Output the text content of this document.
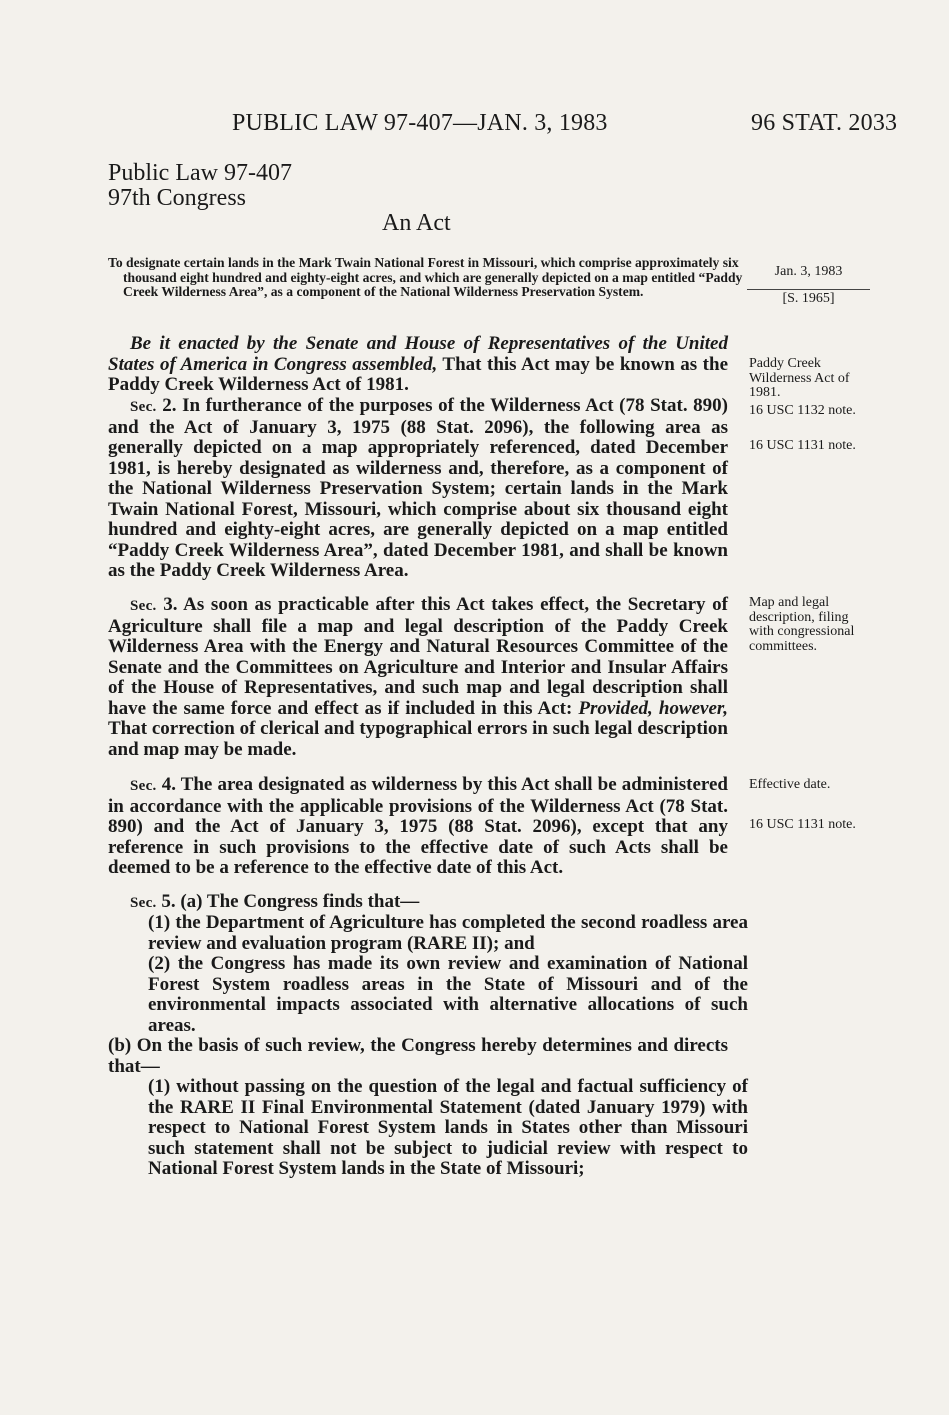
PUBLIC LAW 97-407—JAN. 3, 1983	96 STAT. 2033
Public Law 97-407
97th Congress
An Act
To designate certain lands in the Mark Twain National Forest in Missouri, which comprise approximately six thousand eight hundred and eighty-eight acres, and which are generally depicted on a map entitled “Paddy Creek Wilderness Area”, as a component of the National Wilderness Preservation System.
Jan. 3, 1983
[S. 1965]
Paddy Creek Wilderness Act of 1981.
16 USC 1132 note.
16 USC 1131 note.
Map and legal description, filing with congressional committees.
Effective date.
16 USC 1131 note.

Be it enacted by the Senate and House of Representatives of the United States of America in Congress assembled, That this Act may be known as the Paddy Creek Wilderness Act of 1981.

Sec. 2. In furtherance of the purposes of the Wilderness Act (78 Stat. 890) and the Act of January 3, 1975 (88 Stat. 2096), the following area as generally depicted on a map appropriately referenced, dated December 1981, is hereby designated as wilderness and, therefore, as a component of the National Wilderness Preservation System; certain lands in the Mark Twain National Forest, Missouri, which comprise about six thousand eight hundred and eighty-eight acres, are generally depicted on a map entitled “Paddy Creek Wilderness Area”, dated December 1981, and shall be known as the Paddy Creek Wilderness Area.

Sec. 3. As soon as practicable after this Act takes effect, the Secretary of Agriculture shall file a map and legal description of the Paddy Creek Wilderness Area with the Energy and Natural Resources Committee of the Senate and the Committees on Agriculture and Interior and Insular Affairs of the House of Representatives, and such map and legal description shall have the same force and effect as if included in this Act: Provided, however, That correction of clerical and typographical errors in such legal description and map may be made.

Sec. 4. The area designated as wilderness by this Act shall be administered in accordance with the applicable provisions of the Wilderness Act (78 Stat. 890) and the Act of January 3, 1975 (88 Stat. 2096), except that any reference in such provisions to the effective date of such Acts shall be deemed to be a reference to the effective date of this Act.

Sec. 5. (a) The Congress finds that—

(1) the Department of Agriculture has completed the second roadless area review and evaluation program (RARE II); and

(2) the Congress has made its own review and examination of National Forest System roadless areas in the State of Missouri and of the environmental impacts associated with alternative allocations of such areas.

(b) On the basis of such review, the Congress hereby determines and directs that—

(1) without passing on the question of the legal and factual sufficiency of the RARE II Final Environmental Statement (dated January 1979) with respect to National Forest System lands in States other than Missouri such statement shall not be subject to judicial review with respect to National Forest System lands in the State of Missouri;
